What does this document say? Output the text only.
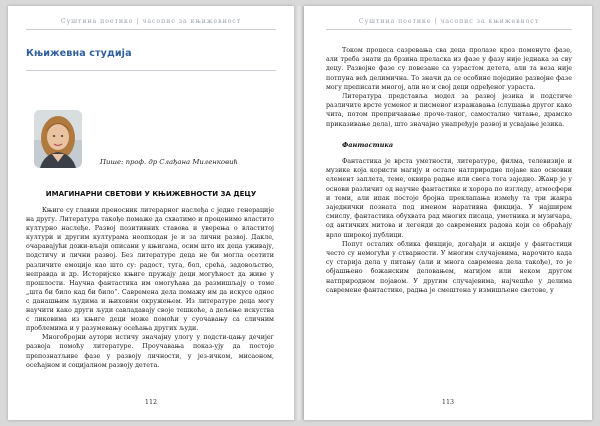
Суштина поетике | часопис за књижевност
Књижевна студија
Пише: проф. др Слађана Миленковић
ИМАГИНАРНИ СВЕТОВИ У КЊИЖЕВНОСТИ ЗА ДЕЦУ

Књиге су главни преносник литерарног наслеђа с једне генерације на другу. Литература такође помаже да схватимо и проценимо властито културно наслеђе. Развој позитивних ставова и уверења о властитој култури и другим културама неопходан је и за лични развој. Дакле, очаравајући дожи-вљаји описани у књигама, осим што их деца уживају, подстичу и лични развој. Без литературе деца не би могла осетити различите емоције као што су: радост, туга, бол, срећа, задовољство, неправда и др. Историјске књиге пружају деци могућност да живе у прошлости. Научна фантастика им омогућава да размишљају о томе „шта би било кад би било“. Савремена дела помажу им да искусе однос с данашњим људима и њиховим окружењем. Из литературе деца могу научити како други људи савладавају своје тешкоће, а дељење искуства с ликовима из књиге деци може помоћи у суочавању са сличним проблемима и у разумевању осећања других људи.

Многобројни аутори истичу значајну улогу у подсти-цању дечијег развоја помоћу литературе. Проучавања показ-ују да постоје препознатљиве фазе у развоју личности, у јез-ичком, мисаоном, осећајном и социјалном развоју детета.

112
Суштина поетике | часопис за књижевност

Током процеса сазревања сва деца пролазе кроз поменуте фазе, али треба знати да брзина преласка из фазе у фазу није једнака за сву децу. Развојне фазе су повезане са узрастом детета, али та веза није потпуна већ делимична. То значи да се особине поједине развојне фазе могу преписати многој, али не и свој деци одређеног узраста.

Литература представља модел за развој језика и подстиче различите врсте усменог и писменог изражавања (слушања другог како чита, потом препричавање проче-таног, самостално читање, драмско приказивање дела), што значајно унапређује развој и усвајање језика.

Фантастика

Фантастика је врста уметности, литературе, филма, телевизије и музике која користи магију и остале натприродне појаве као основни елемент заплета, теме, оквира радње или свега тога заједно. Жанр је у основи различит од научне фантастике и хорора по изгледу, атмосфери и теми, али ипак постоје бројна преклапања између та три жанра заједнички позната под именом наративна фикција. У најширем смислу, фантастика обухвата рад многих писаца, уметника и музичара, од античких митова и легенди до савремених радова који се обраћају врло широкој публици.

Попут осталих облика фикције, догађаји и акције у фантастици често су немогући у стварности. У многим случајевима, нарочито када су старија дела у питању (али и многа савремена дела такође), то је објашњено божанским деловањем, магијом или неком другом натприродном појавом. У другим случајевима, најчешће у делима савремене фантастике, радња је смештена у измишљене светове, у

113
